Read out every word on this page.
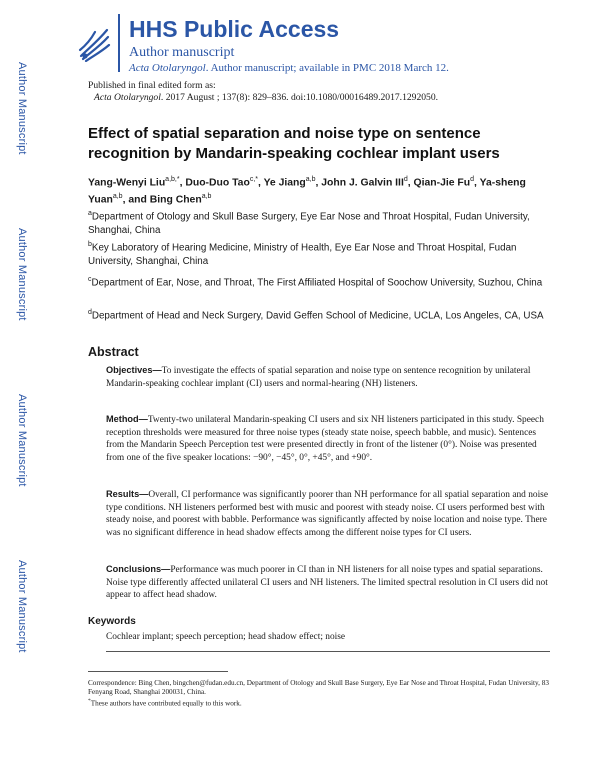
Author Manuscript
Author Manuscript
Author Manuscript
Author Manuscript
HHS Public Access
Author manuscript
Acta Otolaryngol. Author manuscript; available in PMC 2018 March 12.
Published in final edited form as:
Acta Otolaryngol. 2017 August ; 137(8): 829–836. doi:10.1080/00016489.2017.1292050.
Effect of spatial separation and noise type on sentence recognition by Mandarin-speaking cochlear implant users
Yang-Wenyi Liu$^{a,b,*}$, Duo-Duo Tao$^{c,*}$, Ye Jiang$^{a,b}$, John J. Galvin III$^d$, Qian-Jie Fu$^d$, Ya-sheng Yuan$^{a,b}$, and Bing Chen$^{a,b}$
$^a$Department of Otology and Skull Base Surgery, Eye Ear Nose and Throat Hospital, Fudan University, Shanghai, China
$^b$Key Laboratory of Hearing Medicine, Ministry of Health, Eye Ear Nose and Throat Hospital, Fudan University, Shanghai, China
$^c$Department of Ear, Nose, and Throat, The First Affiliated Hospital of Soochow University, Suzhou, China
$^d$Department of Head and Neck Surgery, David Geffen School of Medicine, UCLA, Los Angeles, CA, USA
Abstract
Objectives—To investigate the effects of spatial separation and noise type on sentence recognition by unilateral Mandarin-speaking cochlear implant (CI) users and normal-hearing (NH) listeners.
Method—Twenty-two unilateral Mandarin-speaking CI users and six NH listeners participated in this study. Speech reception thresholds were measured for three noise types (steady state noise, speech babble, and music). Sentences from the Mandarin Speech Perception test were presented directly in front of the listener (0°). Noise was presented from one of the five speaker locations: −90°, −45°, 0°, +45°, and +90°.
Results—Overall, CI performance was significantly poorer than NH performance for all spatial separation and noise type conditions. NH listeners performed best with music and poorest with steady noise. CI users performed best with steady noise, and poorest with babble. Performance was significantly affected by noise location and noise type. There was no significant difference in head shadow effects among the different noise types for CI users.
Conclusions—Performance was much poorer in CI than in NH listeners for all noise types and spatial separations. Noise type differently affected unilateral CI users and NH listeners. The limited spectral resolution in CI users did not appear to affect head shadow.
Keywords
Cochlear implant; speech perception; head shadow effect; noise
Correspondence: Bing Chen, bingchen@fudan.edu.cn, Department of Otology and Skull Base Surgery, Eye Ear Nose and Throat Hospital, Fudan University, 83 Fenyang Road, Shanghai 200031, China.
*These authors have contributed equally to this work.
